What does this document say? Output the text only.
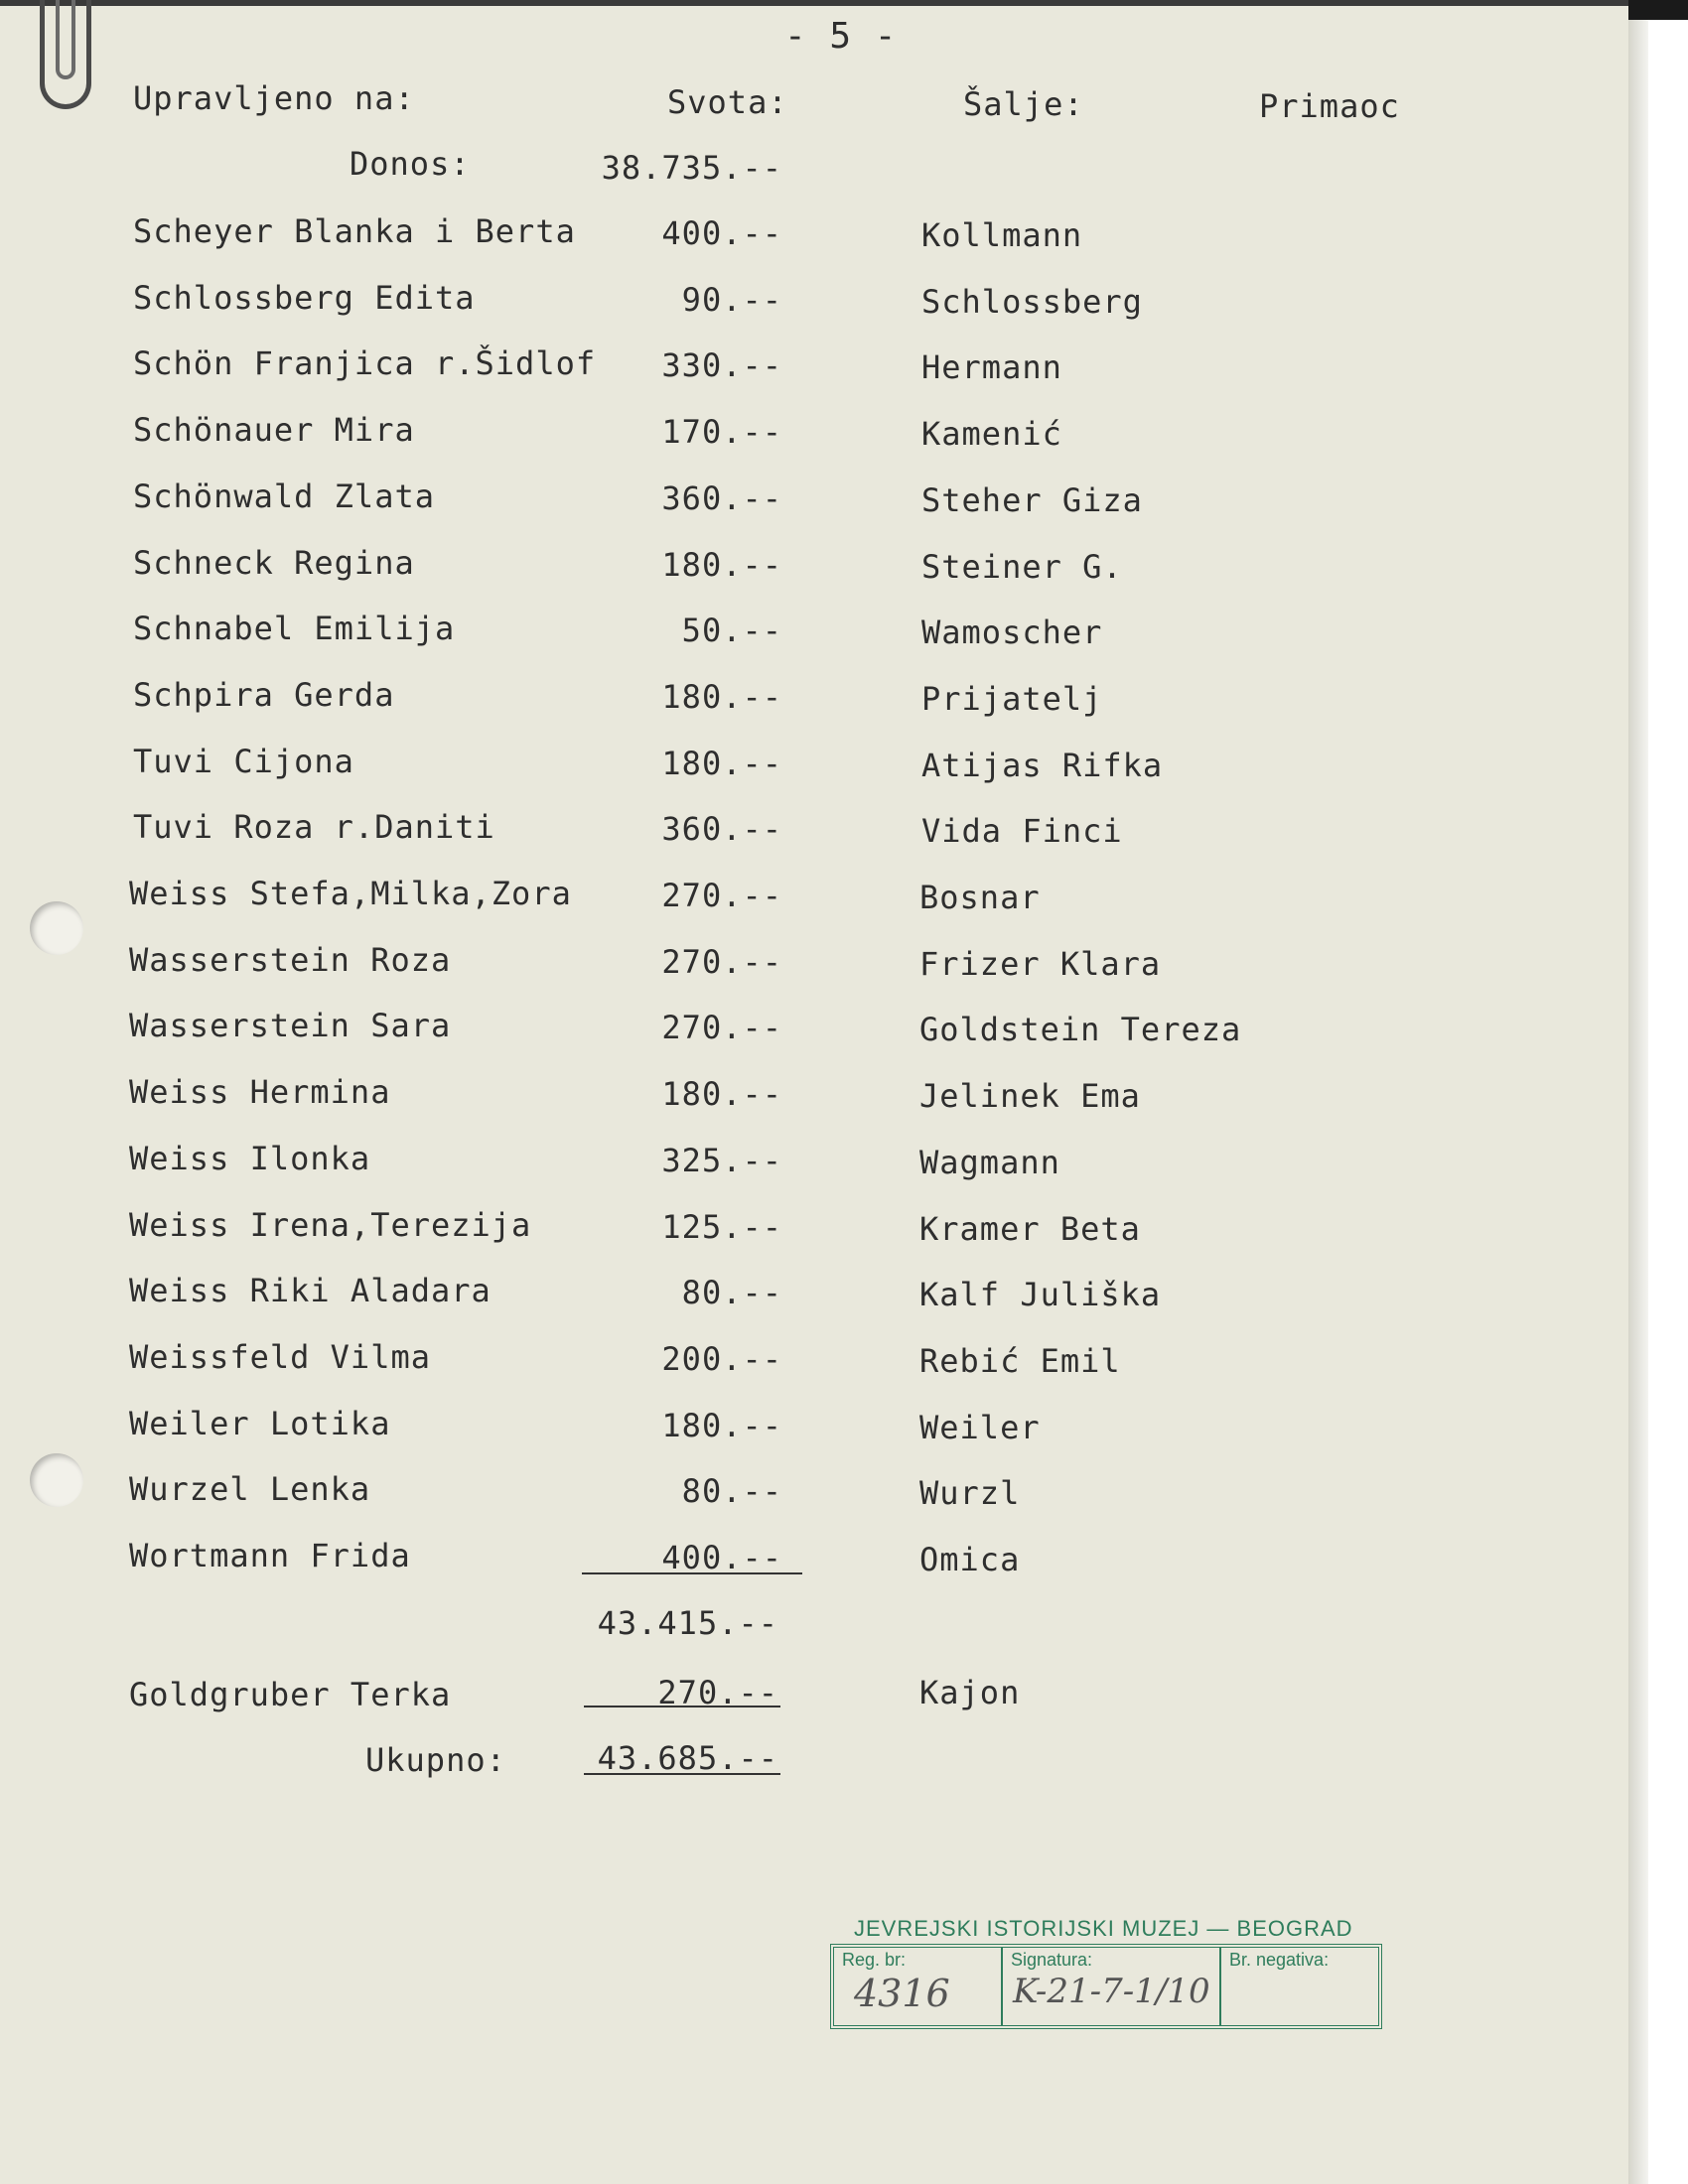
- 5 -
Upravljeno na:	Svota:	Šalje:	Primaoc
Donos:	38.735.--
Scheyer Blanka i Berta	400.--	Kollmann
Schlossberg Edita	90.--	Schlossberg
Schön Franjica r.Šidlof	330.--	Hermann
Schönauer Mira	170.--	Kamenić
Schönwald Zlata	360.--	Steher Giza
Schneck Regina	180.--	Steiner G.
Schnabel Emilija	50.--	Wamoscher
Schpira Gerda	180.--	Prijatelj
Tuvi Cijona	180.--	Atijas Rifka
Tuvi Roza r.Daniti	360.--	Vida Finci
Weiss Stefa,Milka,Zora	270.--	Bosnar
Wasserstein Roza	270.--	Frizer Klara
Wasserstein Sara	270.--	Goldstein Tereza
Weiss Hermina	180.--	Jelinek Ema
Weiss Ilonka	325.--	Wagmann
Weiss Irena,Terezija	125.--	Kramer Beta
Weiss Riki Aladara	80.--	Kalf Juliška
Weissfeld Vilma	200.--	Rebić Emil
Weiler Lotika	180.--	Weiler
Wurzel Lenka	80.--	Wurzl
Wortmann Frida	400.--	Omica
43.415.--
Goldgruber Terka	270.--	Kajon
Ukupno:	43.685.--
JEVREJSKI ISTORIJSKI MUZEJ — BEOGRAD
Reg. br:
4316
Signatura:
K-21-7-1/10
Br. negativa:
